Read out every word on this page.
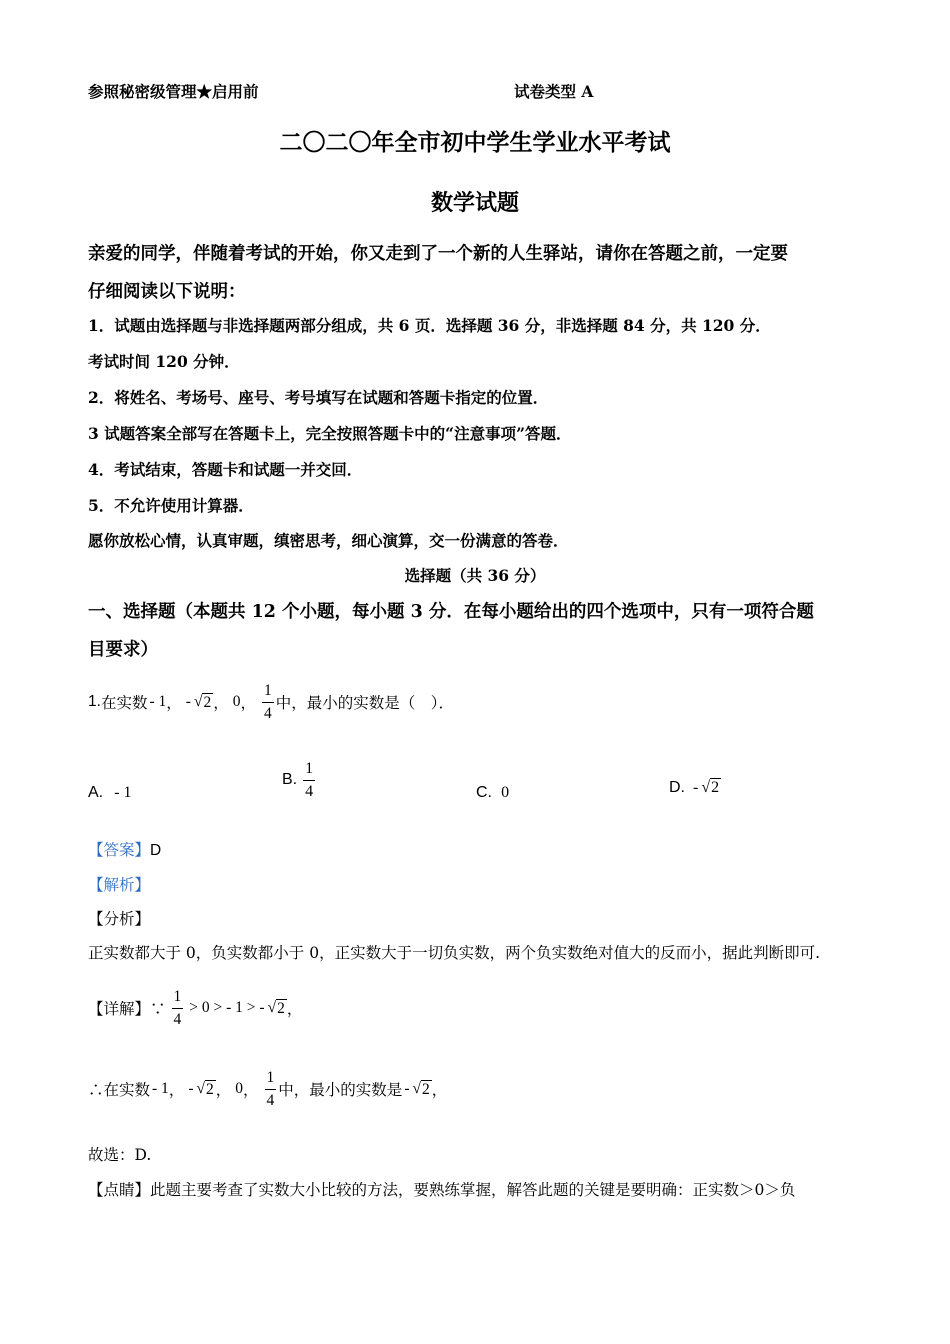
参照秘密级管理★启用前	试卷类型 A
二〇二〇年全市初中学生学业水平考试
数学试题
亲爱的同学，伴随着考试的开始，你又走到了一个新的人生驿站，请你在答题之前，一定要
仔细阅读以下说明：
1．试题由选择题与非选择题两部分组成，共 6 页．选择题 36 分，非选择题 84 分，共 120 分．
考试时间 120 分钟．
2．将姓名、考场号、座号、考号填写在试题和答题卡指定的位置．
3 试题答案全部写在答题卡上，完全按照答题卡中的“注意事项”答题．
4．考试结束，答题卡和试题一并交回．
5．不允许使用计算器．
愿你放松心情，认真审题，缜密思考，细心演算，交一份满意的答卷．
选择题（共 36 分）
一、选择题（本题共 12 个小题，每小题 3 分．在每小题给出的四个选项中，只有一项符合题
目要求）
1. 在实数 - 1 ， - √ 2 ， 0 ， $\frac{1}{4}$ 中，最小的实数是（　）．
A. - 1
B. $\frac{1}{4}$	C. 0	D. - √ 2
【答案】D
【解析】
【分析】
正实数都大于 0，负实数都小于 0，正实数大于一切负实数，两个负实数绝对值大的反而小，据此判断即可.
【详解】∵ $\frac{1}{4} > 0$ > - 1 > - √ 2 ，
∴在实数 - 1 ， - √ 2 ， 0 ， $\frac{1}{4}$ 中，最小的实数是 - √ 2 ，
故选：D.
【点睛】此题主要考查了实数大小比较的方法，要熟练掌握，解答此题的关键是要明确：正实数＞0＞负
